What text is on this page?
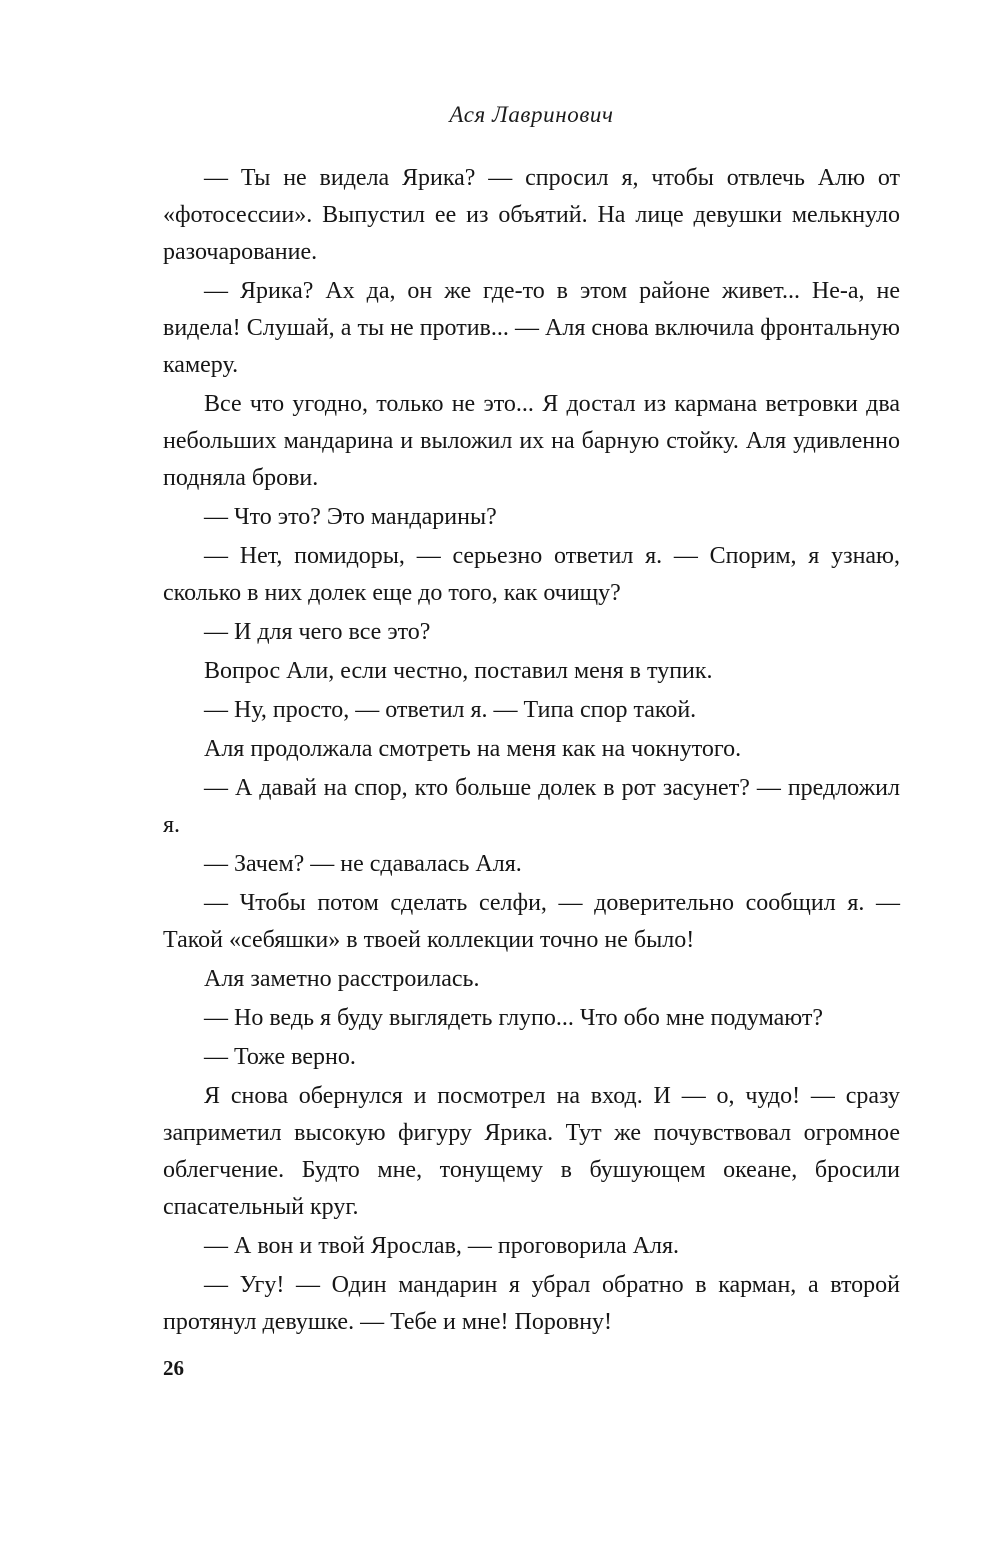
Ася Лавринович

— Ты не видела Ярика? — спросил я, чтобы отвлечь Алю от «фотосессии». Выпустил ее из объятий. На лице девушки мелькнуло разочарование.

— Ярика? Ах да, он же где-то в этом районе живет... Не-а, не видела! Слушай, а ты не против... — Аля снова включила фронтальную камеру.

Все что угодно, только не это... Я достал из кармана ветровки два небольших мандарина и выложил их на барную стойку. Аля удивленно подняла брови.

— Что это? Это мандарины?

— Нет, помидоры, — серьезно ответил я. — Спорим, я узнаю, сколько в них долек еще до того, как очищу?

— И для чего все это?

Вопрос Али, если честно, поставил меня в тупик.

— Ну, просто, — ответил я. — Типа спор такой.

Аля продолжала смотреть на меня как на чокнутого.

— А давай на спор, кто больше долек в рот засунет? — предложил я.

— Зачем? — не сдавалась Аля.

— Чтобы потом сделать селфи, — доверительно сообщил я. — Такой «себяшки» в твоей коллекции точно не было!

Аля заметно расстроилась.

— Но ведь я буду выглядеть глупо... Что обо мне подумают?

— Тоже верно.

Я снова обернулся и посмотрел на вход. И — о, чудо! — сразу заприметил высокую фигуру Ярика. Тут же почувствовал огромное облегчение. Будто мне, тонущему в бушующем океане, бросили спасательный круг.

— А вон и твой Ярослав, — проговорила Аля.

— Угу! — Один мандарин я убрал обратно в карман, а второй протянул девушке. — Тебе и мне! Поровну!

26
